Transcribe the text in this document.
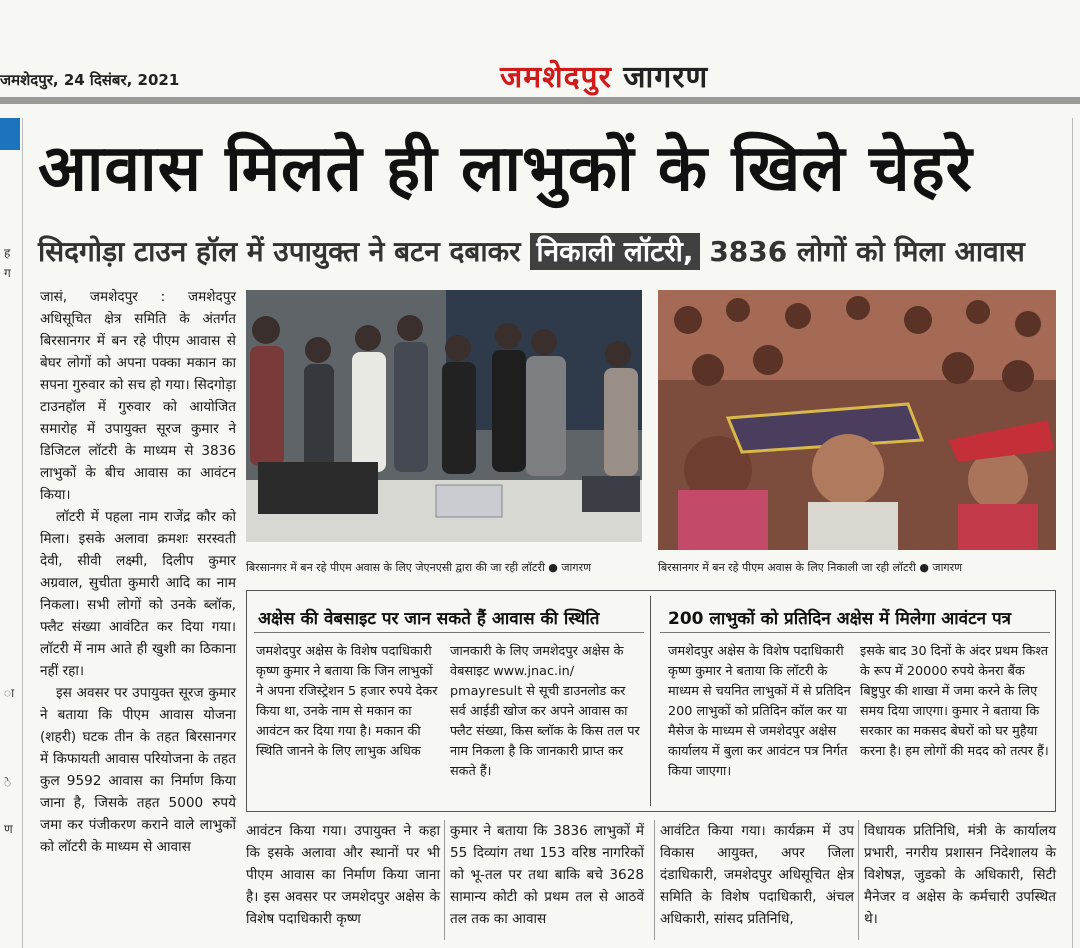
जमशेदपुर, 24 दिसंबर, 2021	जमशेदपुर जागरण
ह
ग
ा
े
ण
आवास मिलते ही लाभुकों के खिले चेहरे
सिदगोड़ा टाउन हॉल में उपायुक्त ने बटन दबाकर निकाली लॉटरी, 3836 लोगों को मिला आवास

जासं, जमशेदपुर : जमशेदपुर अधिसूचित क्षेत्र समिति के अंतर्गत बिरसानगर में बन रहे पीएम आवास से बेघर लोगों को अपना पक्का मकान का सपना गुरुवार को सच हो गया। सिदगोड़ा टाउनहॉल में गुरुवार को आयोजित समारोह में उपायुक्त सूरज कुमार ने डिजिटल लॉटरी के माध्यम से 3836 लाभुकों के बीच आवास का आवंटन किया।

लॉटरी में पहला नाम राजेंद्र कौर को मिला। इसके अलावा क्रमशः सरस्वती देवी, सीवी लक्ष्मी, दिलीप कुमार अग्रवाल, सुचीता कुमारी आदि का नाम निकला। सभी लोगों को उनके ब्लॉक, फ्लैट संख्या आवंटित कर दिया गया। लॉटरी में नाम आते ही खुशी का ठिकाना नहीं रहा।

इस अवसर पर उपायुक्त सूरज कुमार ने बताया कि पीएम आवास योजना (शहरी) घटक तीन के तहत बिरसानगर में किफायती आवास परियोजना के तहत कुल 9592 आवास का निर्माण किया जाना है, जिसके तहत 5000 रुपये जमा कर पंजीकरण कराने वाले लाभुकों को लॉटरी के माध्यम से आवास

बिरसानगर में बन रहे पीएम अवास के लिए जेएनएसी द्वारा की जा रही लॉटरी ● जागरण	बिरसानगर में बन रहे पीएम अवास के लिए निकाली जा रही लॉटरी ● जागरण
अक्षेस की वेबसाइट पर जान सकते हैं आवास की स्थिति	200 लाभुकों को प्रतिदिन अक्षेस में मिलेगा आवंटन पत्र
जमशेदपुर अक्षेस के विशेष पदाधिकारी कृष्ण कुमार ने बताया कि जिन लाभुकों ने अपना रजिस्ट्रेशन 5 हजार रुपये देकर किया था, उनके नाम से मकान का आवंटन कर दिया गया है। मकान की स्थिति जानने के लिए लाभुक अधिक
जानकारी के लिए जमशेदपुर अक्षेस के वेबसाइट www.jnac.in/ pmayresult से सूची डाउनलोड कर सर्व आईडी खोज कर अपने आवास का फ्लैट संख्या, किस ब्लॉक के किस तल पर नाम निकला है कि जानकारी प्राप्त कर सकते हैं।
जमशेदपुर अक्षेस के विशेष पदाधिकारी कृष्ण कुमार ने बताया कि लॉटरी के माध्यम से चयनित लाभुकों में से प्रतिदिन 200 लाभुकों को प्रतिदिन कॉल कर या मैसेज के माध्यम से जमशेदपुर अक्षेस कार्यालय में बुला कर आवंटन पत्र निर्गत किया जाएगा।
इसके बाद 30 दिनों के अंदर प्रथम किश्त के रूप में 20000 रुपये केनरा बैंक बिष्टुपुर की शाखा में जमा करने के लिए समय दिया जाएगा। कुमार ने बताया कि सरकार का मकसद बेघरों को घर मुहैया करना है। हम लोगों की मदद को तत्पर हैं।
आवंटन किया गया। उपायुक्त ने कहा कि इसके अलावा और स्थानों पर भी पीएम आवास का निर्माण किया जाना है। इस अवसर पर जमशेदपुर अक्षेस के विशेष पदाधिकारी कृष्ण
कुमार ने बताया कि 3836 लाभुकों में 55 दिव्यांग तथा 153 वरिष्ठ नागरिकों को भू-तल पर तथा बाकि बचे 3628 सामान्य कोटी को प्रथम तल से आठवें तल तक का आवास
आवंटित किया गया। कार्यक्रम में उप विकास आयुक्त, अपर जिला दंडाधिकारी, जमशेदपुर अधिसूचित क्षेत्र समिति के विशेष पदाधिकारी, अंचल अधिकारी, सांसद प्रतिनिधि,
विधायक प्रतिनिधि, मंत्री के कार्यालय प्रभारी, नगरीय प्रशासन निदेशालय के विशेषज्ञ, जुडको के अधिकारी, सिटी मैनेजर व अक्षेस के कर्मचारी उपस्थित थे।
